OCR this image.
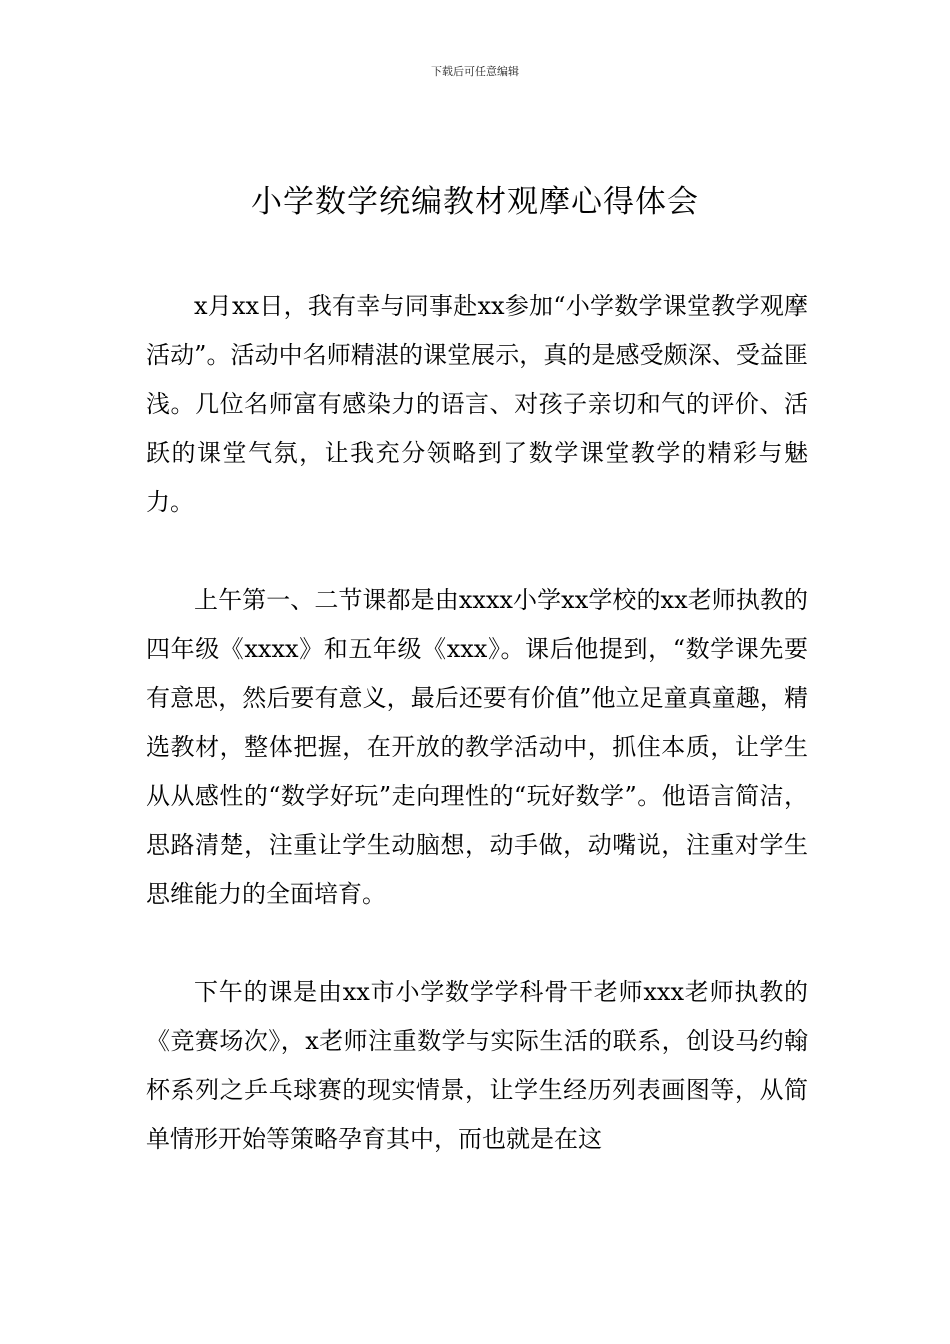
下载后可任意编辑
小学数学统编教材观摩心得体会

x月xx日，我有幸与同事赴xx参加“小学数学课堂教学观摩活动”。活动中名师精湛的课堂展示，真的是感受颇深、受益匪浅。几位名师富有感染力的语言、对孩子亲切和气的评价、活跃的课堂气氛，让我充分领略到了数学课堂教学的精彩与魅力。

上午第一、二节课都是由xxxx小学xx学校的xx老师执教的四年级《xxxx》和五年级《xxx》。课后他提到，“数学课先要有意思，然后要有意义，最后还要有价值”他立足童真童趣，精选教材，整体把握，在开放的教学活动中，抓住本质，让学生从从感性的“数学好玩”走向理性的“玩好数学”。他语言简洁，思路清楚，注重让学生动脑想，动手做，动嘴说，注重对学生思维能力的全面培育。

下午的课是由xx市小学数学学科骨干老师xxx老师执教的《竞赛场次》，x老师注重数学与实际生活的联系，创设马约翰杯系列之乒乓球赛的现实情景，让学生经历列表画图等，从简单情形开始等策略孕育其中，而也就是在这
